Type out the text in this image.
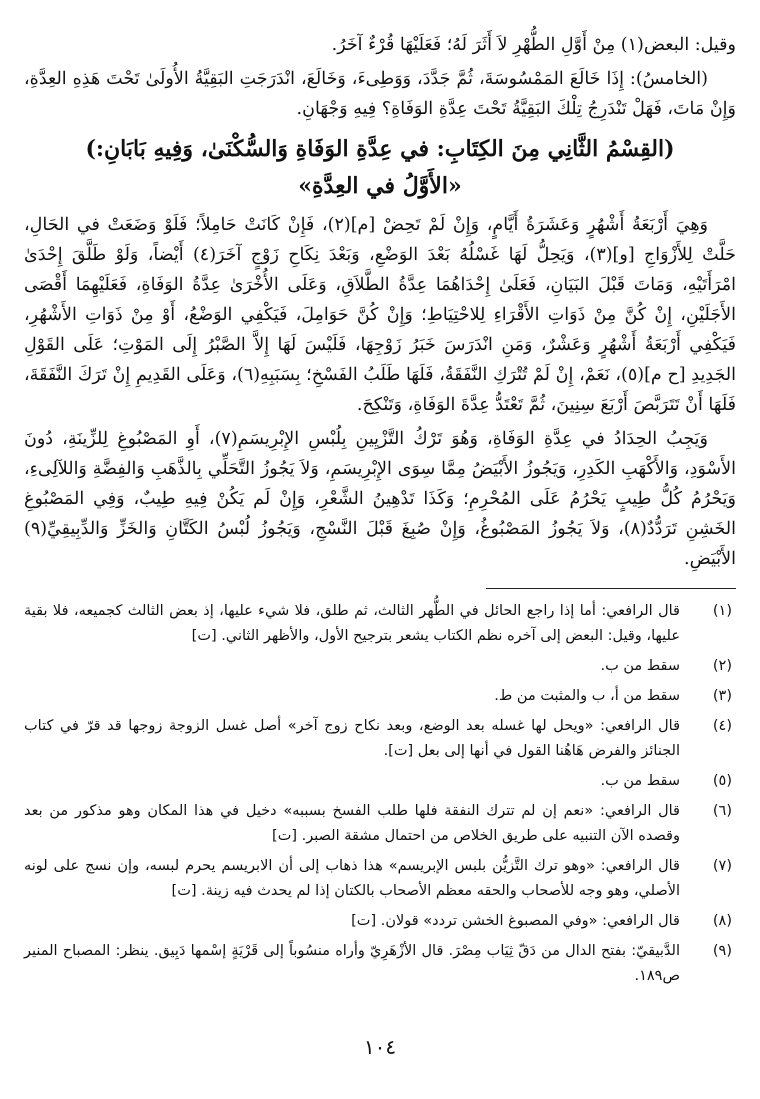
وقيل: البعض(١) مِنْ أَوَّلِ الطُّهْرِ لاَ أَثَرَ لَهُ؛ فَعَلَيْهَا قُرْءٌ آخَرُ.

(الخامسُ): إِذَا خَالَعَ المَمْسُوسَةَ، ثُمَّ جَدَّدَ، وَوَطِىءَ، وَخَالَعَ، انْدَرَجَتِ البَقِيَّةُ الأُولَىٰ تَحْتَ هَذِهِ العِدَّةِ، وَإِنْ مَاتَ، فَهَلْ تَنْدَرِجُ تِلْكَ البَقِيَّةُ تَحْتَ عِدَّةِ الوَفَاةِ؟ فِيهِ وَجْهَانِ.

(القِسْمُ الثَّانِي مِنَ الكِتَابِ: في عِدَّةِ الوَفَاةِ وَالسُّكْنَىٰ، وَفِيهِ بَابَانِ:)
«الأَوَّلُ في العِدَّةِ»

وَهِيَ أَرْبَعَةُ أَشْهُرٍ وَعَشَرَةُ أَيَّامٍ، وَإِنْ لَمْ تَحِضْ [م](٢)، فَإِنْ كَانَتْ حَامِلاً؛ فَلَوْ وَضَعَتْ في الحَالِ، حَلَّتْ لِلأَزْوَاجِ [و](٣)، وَيَحِلُّ لَهَا غَسْلُهُ بَعْدَ الوَضْعِ، وَبَعْدَ نِكَاحِ زَوْجٍ آخَرَ(٤) أَيْضاً، وَلَوْ طَلَّقَ إِحْدَىٰ امْرَأَتَيْهِ، وَمَاتَ قَبْلَ البَيَانِ، فَعَلَىٰ إِحْدَاهُمَا عِدَّةُ الطَّلاَقِ، وَعَلَى الأُخْرَىٰ عِدَّةُ الوَفَاةِ، فَعَلَيْهِمَا أَقْصَى الأَجَلَيْنِ، إِنْ كُنَّ مِنْ ذَوَاتِ الأَقْرَاءِ لِلاحْتِيَاطِ؛ وَإِنْ كُنَّ حَوَامِلَ، فَيَكْفِي الوَضْعُ، أَوْ مِنْ ذَوَاتِ الأَشْهُرِ، فَيَكْفِي أَرْبَعَةُ أَشْهُرٍ وَعَشْرٌ، وَمَنِ انْدَرَسَ خَبَرُ زَوْجِهَا، فَلَيْسَ لَهَا إِلاَّ الصَّبْرُ إِلَى المَوْتِ؛ عَلَى القَوْلِ الجَدِيدِ [ح م](٥)، نَعَمْ، إِنْ لَمْ تُتْرَكِ النَّفَقَةُ، فَلَهَا طَلَبُ الفَسْخِ؛ بِسَبَبِهِ(٦)، وَعَلَى القَدِيمِ إِنْ تَرَكَ النَّفَقَةَ، فَلَهَا أَنْ تَتَرَبَّصَ أَرْبَعَ سِنِينَ، ثُمَّ تَعْتَدُّ عِدَّةَ الوَفَاةِ، وَتَنْكِحَ.

وَيَجِبُ الحِدَادُ في عِدَّةِ الوَفَاةِ، وَهُوَ تَرْكُ التَّزْيِينِ بِلُبْسِ الإِبْرِيسَمِ(٧)، أَوِ المَصْبُوغِ لِلزِّينَةِ، دُونَ الأَسْوَدِ، وَالأَكْهَبِ الكَدِرِ، وَيَجُوزُ الأَبْيَضُ مِمَّا سِوَى الإِبْرِيسَمِ، وَلاَ يَجُوزُ التَّحَلِّي بِالذَّهَبِ وَالفِضَّةِ وَاللآلِىءِ، وَيَحْرُمُ كُلُّ طِيبٍ يَحْرُمُ عَلَى المُحْرِمِ؛ وَكَذَا تَدْهِينُ الشَّعْرِ، وَإِنْ لَم يَكُنْ فِيهِ طِيبٌ، وَفِي المَصْبُوغِ الخَشِنِ تَرَدُّدٌ(٨)، وَلاَ يَجُوزُ المَصْبُوغُ، وَإِنْ صُبِغَ قَبْلَ النَّسْجِ، وَيَجُوزُ لُبْسُ الكَتَّانِ وَالخَزِّ وَالدِّبِيقِيِّ(٩) الأَبْيَضِ.

(١)
قال الرافعي: أما إذا راجع الحائل في الطُّهر الثالث، ثم طلق، فلا شيء عليها، إذ بعض الثالث كجميعه، فلا بقية عليها، وقيل: البعض إلى آخره نظم الكتاب يشعر بترجيح الأول، والأظهر الثاني. [ت]
(٢)
سقط من ب.
(٣)
سقط من أ، ب والمثبت من ط.
(٤)
قال الرافعي: «ويحل لها غسله بعد الوضع، وبعد نكاح زوج آخر» أصل غسل الزوجة زوجها قد قرّ في كتاب الجنائز والفرض هَاهُنا القول في أنها إلى بعل [ت].
(٥)
سقط من ب.
(٦)
قال الرافعي: «نعم إن لم تترك النفقة فلها طلب الفسخ بسببه» دخيل في هذا المكان وهو مذكور من بعد وقصده الآن التنبيه على طريق الخلاص من احتمال مشقة الصبر. [ت]
(٧)
قال الرافعي: «وهو ترك التَّزيُّن بلبس الإبريسم» هذا ذهاب إلى أن الابريسم يحرم لبسه، وإن نسج على لونه الأصلي، وهو وجه للأصحاب والحقه معظم الأصحاب بالكتان إذا لم يحدث فيه زينة. [ت]
(٨)
قال الرافعي: «وفي المصبوغ الخشن تردد» قولان. [ت]
(٩)
الدَّبيقيّ: بفتح الدال من دَقّ ثِيَاب مِصْرَ. قال الأزْهَرِيّ وأراه منسُوباً إلى قَرْيَةٍ إسْمها دَبِيق. ينظر: المصباح المنير ص١٨٩.
١٠٤
